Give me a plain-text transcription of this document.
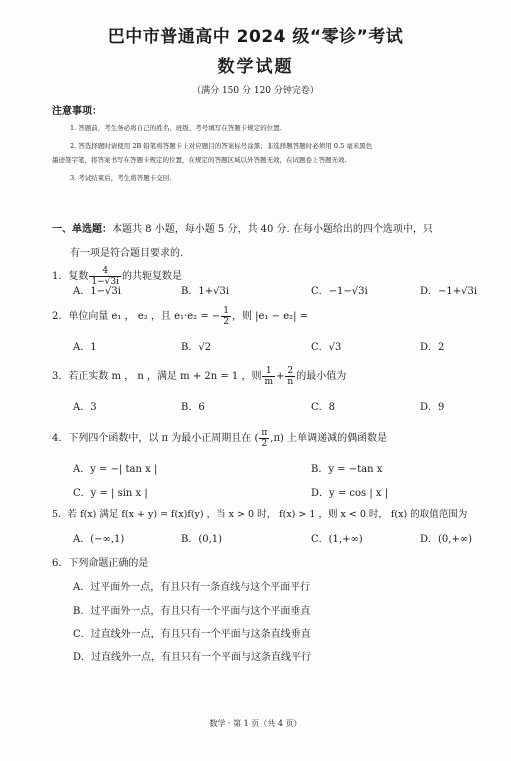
巴中市普通高中 2024 级“零诊”考试
数学试题
（满分 150 分 120 分钟完卷）
注意事项：
1. 答题前，考生务必将自己的姓名、班级、考号填写在答题卡规定的位置.
2. 答选择题时请使用 2B 铅笔将答题卡上对应题目的答案标号涂黑；非选择题答题时必须用 0.5 毫米黑色
墨迹签字笔，将答案书写在答题卡规定的位置，在规定的答题区域以外答题无效，在试题卷上答题无效.
3. 考试结束后，考生将答题卡交回.
一、单选题：本题共 8 小题，每小题 5 分，共 40 分. 在每小题给出的四个选项中，只
有一项是符合题目要求的.
1．复数 $\frac{4}{1-√3i}$ 的共轭复数是
A．1−√3i	B．1+√3i	C．−1−√3i	D．−1+√3i
2．单位向量 e₁ ， e₂ ，且 e₁·e₂ = − $\frac{1}{2}$ ，则 |e₁ − e₂| =
A．1	B．√2	C．√3	D．2
3．若正实数 m ， n ，满足 m + 2n = 1 ，则 $\frac{1}{m} + \frac{2}{n}$ 的最小值为
A．3	B．6	C．8	D．9
4．下列四个函数中，以 π 为最小正周期且在 ( $\frac{\pi}{2} ,\pi$) 上单调递减的偶函数是
A．y = −| tan x |	B．y = −tan x
C．y = | sin x |	D．y = cos | x |
5．若 f(x) 满足 f(x + y) = f(x)f(y) ，当 x > 0 时， f(x) > 1 ，则 x < 0 时， f(x) 的取值范围为
A．(−∞,1)	B．(0,1)	C．(1,+∞)	D．(0,+∞)
6．下列命题正确的是
A．过平面外一点，有且只有一条直线与这个平面平行
B．过平面外一点，有且只有一个平面与这个平面垂直
C．过直线外一点，有且只有一个平面与这条直线垂直
D．过直线外一点，有且只有一个平面与这条直线平行
数学 · 第 1 页（共 4 页）
